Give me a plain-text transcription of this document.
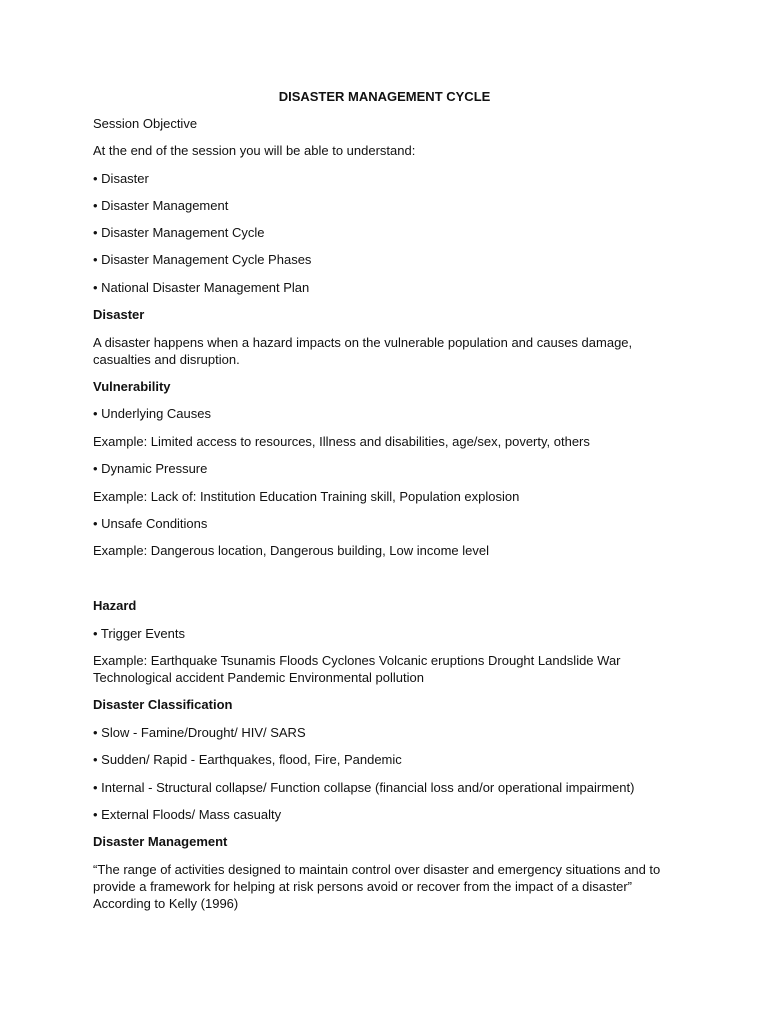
DISASTER MANAGEMENT CYCLE
Session Objective
At the end of the session you will be able to understand:
• Disaster
• Disaster Management
• Disaster Management Cycle
• Disaster Management Cycle Phases
• National Disaster Management Plan
Disaster
A disaster happens when a hazard impacts on the vulnerable population and causes damage, casualties and disruption.
Vulnerability
• Underlying Causes
Example: Limited access to resources, Illness and disabilities, age/sex, poverty, others
• Dynamic Pressure
Example: Lack of: Institution Education Training skill, Population explosion
• Unsafe Conditions
Example: Dangerous location, Dangerous building, Low income level
Hazard
• Trigger Events
Example: Earthquake Tsunamis Floods Cyclones Volcanic eruptions Drought Landslide War Technological accident Pandemic Environmental pollution
Disaster Classification
• Slow - Famine/Drought/ HIV/ SARS
• Sudden/ Rapid - Earthquakes, flood, Fire, Pandemic
• Internal - Structural collapse/ Function collapse (financial loss and/or operational impairment)
• External Floods/ Mass casualty
Disaster Management
“The range of activities designed to maintain control over disaster and emergency situations and to provide a framework for helping at risk persons avoid or recover from the impact of a disaster” According to Kelly (1996)
